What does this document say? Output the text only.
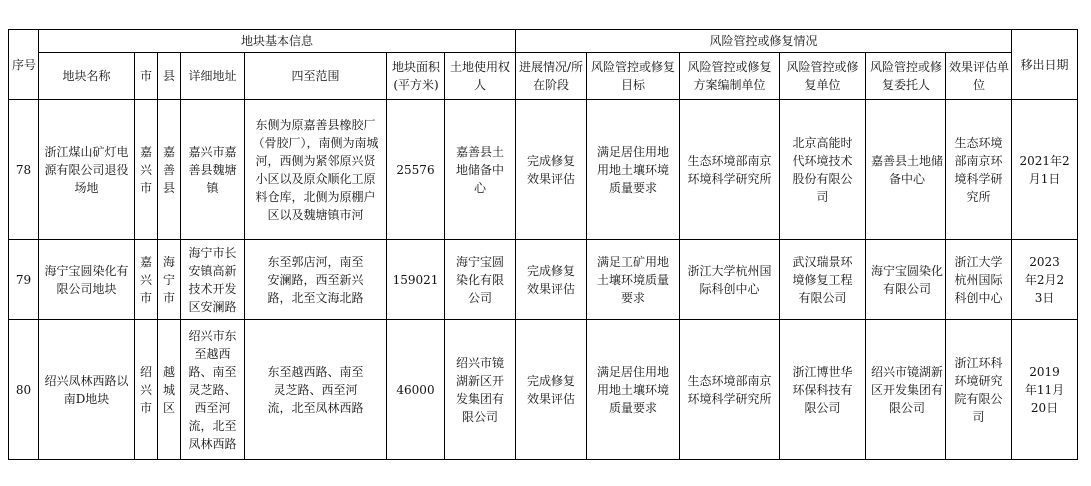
序号	地块基本信息							风险管控或修复情况						移出日期

	地块名称	市	县	详细地址	四至范围	地块面积(平方米)	土地使用权人	进展情况/所在阶段	风险管控或修复目标	风险管控或修复方案编制单位	风险管控或修复单位	风险管控或修复委托人	效果评估单位	

78	浙江煤山矿灯电源有限公司退役场地	嘉兴市	嘉善县	嘉兴市嘉善县魏塘镇	东侧为原嘉善县橡胶厂（骨胶厂），南侧为南城河，西侧为紧邻原兴贤小区以及原众顺化工原料仓库，北侧为原棚户区以及魏塘镇市河	25576	嘉善县土地储备中心	完成修复效果评估	满足居住用地用地土壤环境质量要求	生态环境部南京环境科学研究所	北京高能时代环境技术股份有限公司	嘉善县土地储备中心	生态环境部南京环境科学研究所	2021年2月1日

79	海宁宝圆染化有限公司地块	嘉兴市	海宁市	海宁市长安镇高新技术开发区安澜路	东至郭店河，南至安澜路，西至新兴路，北至文海北路	159021	海宁宝圆染化有限公司	完成修复效果评估	满足工矿用地土壤环境质量要求	浙江大学杭州国际科创中心	武汉瑞景环境修复工程有限公司	海宁宝圆染化有限公司	浙江大学杭州国际科创中心	2023年2月23日

80	绍兴凤林西路以南D地块	绍兴市	越城区	绍兴市东至越西路、南至灵芝路、西至河流，北至凤林西路	东至越西路、南至灵芝路、西至河流，北至凤林西路	46000	绍兴市镜湖新区开发集团有限公司	完成修复效果评估	满足居住用地用地土壤环境质量要求	生态环境部南京环境科学研究所	浙江博世华环保科技有限公司	绍兴市镜湖新区开发集团有限公司	浙江环科环境研究院有限公司	2019年11月20日
